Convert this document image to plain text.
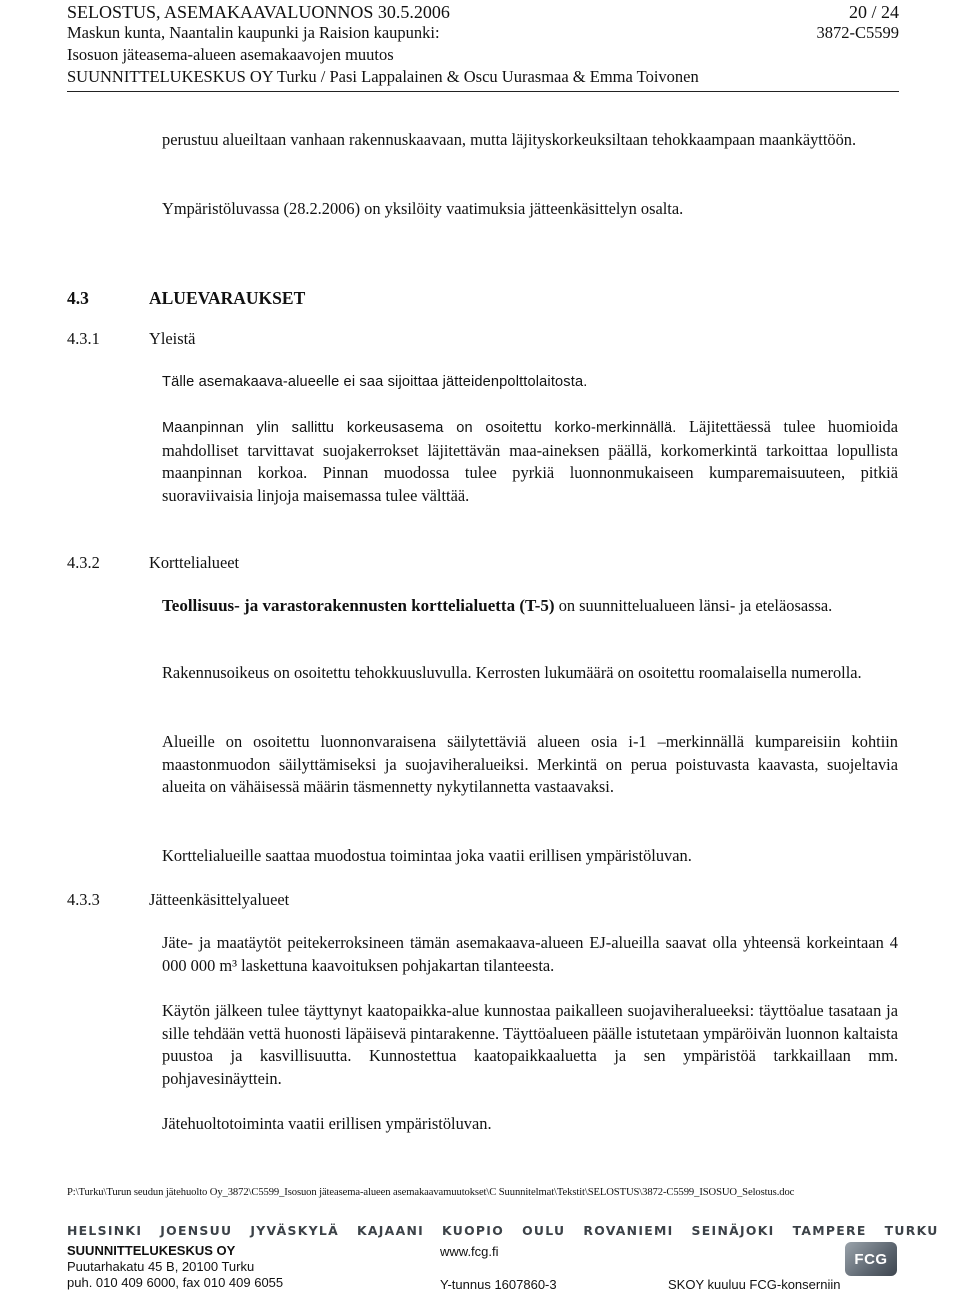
SELOSTUS, ASEMAKAAVALUONNOS 30.5.2006	20 / 24
Maskun kunta, Naantalin kaupunki ja Raision kaupunki:	3872-C5599
Isosuon jäteasema-alueen asemakaavojen muutos
SUUNNITTELUKESKUS OY Turku / Pasi Lappalainen & Oscu Uurasmaa & Emma Toivonen
perustuu alueiltaan vanhaan rakennuskaavaan, mutta läjityskorkeuksiltaan tehokkaampaan maankäyttöön.
Ympäristöluvassa (28.2.2006) on yksilöity vaatimuksia jätteenkäsittelyn osalta.
4.3	ALUEVARAUKSET
4.3.1	Yleistä
Tälle asemakaava-alueelle ei saa sijoittaa jätteidenpolttolaitosta.
Maanpinnan ylin sallittu korkeusasema on osoitettu korko-merkinnällä. Läjitettäessä tulee huomioida mahdolliset tarvittavat suojakerrokset läjitettävän maa-aineksen päällä, korkomerkintä tarkoittaa lopullista maanpinnan korkoa. Pinnan muodossa tulee pyrkiä luonnonmukaiseen kumparemaisuuteen, pitkiä suoraviivaisia linjoja maisemassa tulee välttää.
4.3.2	Korttelialueet
Teollisuus- ja varastorakennusten korttelialuetta (T-5) on suunnittelualueen länsi- ja eteläosassa.
Rakennusoikeus on osoitettu tehokkuusluvulla. Kerrosten lukumäärä on osoitettu roomalaisella numerolla.
Alueille on osoitettu luonnonvaraisena säilytettäviä alueen osia i-1 –merkinnällä kumpareisiin kohtiin maastonmuodon säilyttämiseksi ja suojaviheralueiksi. Merkintä on perua poistuvasta kaavasta, suojeltavia alueita on vähäisessä määrin täsmennetty nykytilannetta vastaavaksi.
Korttelialueille saattaa muodostua toimintaa joka vaatii erillisen ympäristöluvan.
4.3.3	Jätteenkäsittelyalueet
Jäte- ja maatäytöt peitekerroksineen tämän asemakaava-alueen EJ-alueilla saavat olla yhteensä korkeintaan 4 000 000 m³ laskettuna kaavoituksen pohjakartan tilanteesta.
Käytön jälkeen tulee täyttynyt kaatopaikka-alue kunnostaa paikalleen suojaviheralueeksi: täyttöalue tasataan ja sille tehdään vettä huonosti läpäisevä pintarakenne. Täyttöalueen päälle istutetaan ympäröivän luonnon kaltaista puustoa ja kasvillisuutta. Kunnostettua kaatopaikkaaluetta ja sen ympäristöä tarkkaillaan mm. pohjavesinäyttein.
Jätehuoltotoiminta vaatii erillisen ympäristöluvan.
P:\Turku\Turun seudun jätehuolto Oy_3872\C5599_Isosuon jäteasema-alueen asemakaavamuutokset\C Suunnitelmat\Tekstit\SELOSTUS\3872-C5599_ISOSUO_Selostus.doc
HELSINKI JOENSUU JYVÄSKYLÄ KAJAANI KUOPIO OULU ROVANIEMI SEINÄJOKI TAMPERE TURKU
SUUNNITTELUKESKUS OY
Puutarhakatu 45 B, 20100 Turku
puh. 010 409 6000, fax 010 409 6055
www.fcg.fi
Y-tunnus 1607860-3	SKOY kuuluu FCG-konserniin
FCG
